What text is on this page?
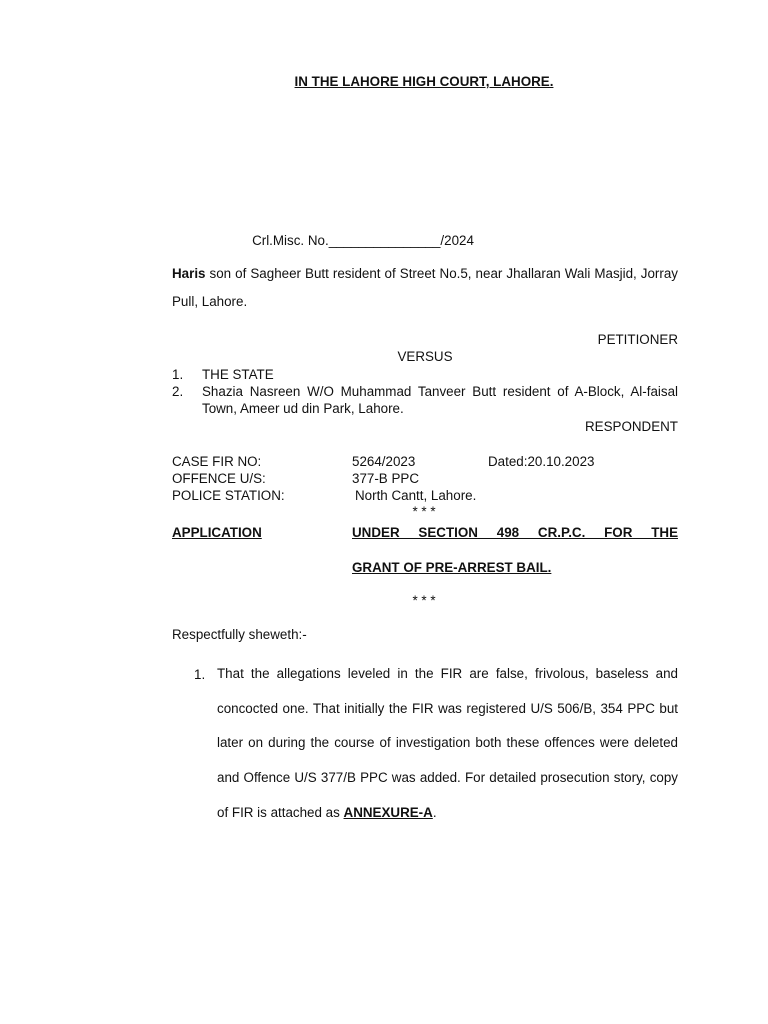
IN THE LAHORE HIGH COURT, LAHORE.
Crl.Misc. No._______________/2024
Haris son of Sagheer Butt resident of Street No.5, near Jhallaran Wali Masjid, Jorray Pull, Lahore.
PETITIONER
VERSUS
1.	THE STATE
2.	Shazia Nasreen W/O Muhammad Tanveer Butt resident of A-Block, Al-faisal Town, Ameer ud din Park, Lahore.
RESPONDENT
CASE FIR NO:	5264/2023	Dated:20.10.2023
OFFENCE U/S:	377-B PPC
POLICE STATION:	North Cantt, Lahore.
* * *
APPLICATION	UNDER SECTION 498 CR.P.C. FOR THE
GRANT OF PRE-ARREST BAIL.
* * *
Respectfully sheweth:-
1. That the allegations leveled in the FIR are false, frivolous, baseless and concocted one. That initially the FIR was registered U/S 506/B, 354 PPC but later on during the course of investigation both these offences were deleted and Offence U/S 377/B PPC was added. For detailed prosecution story, copy of FIR is attached as ANNEXURE-A.
